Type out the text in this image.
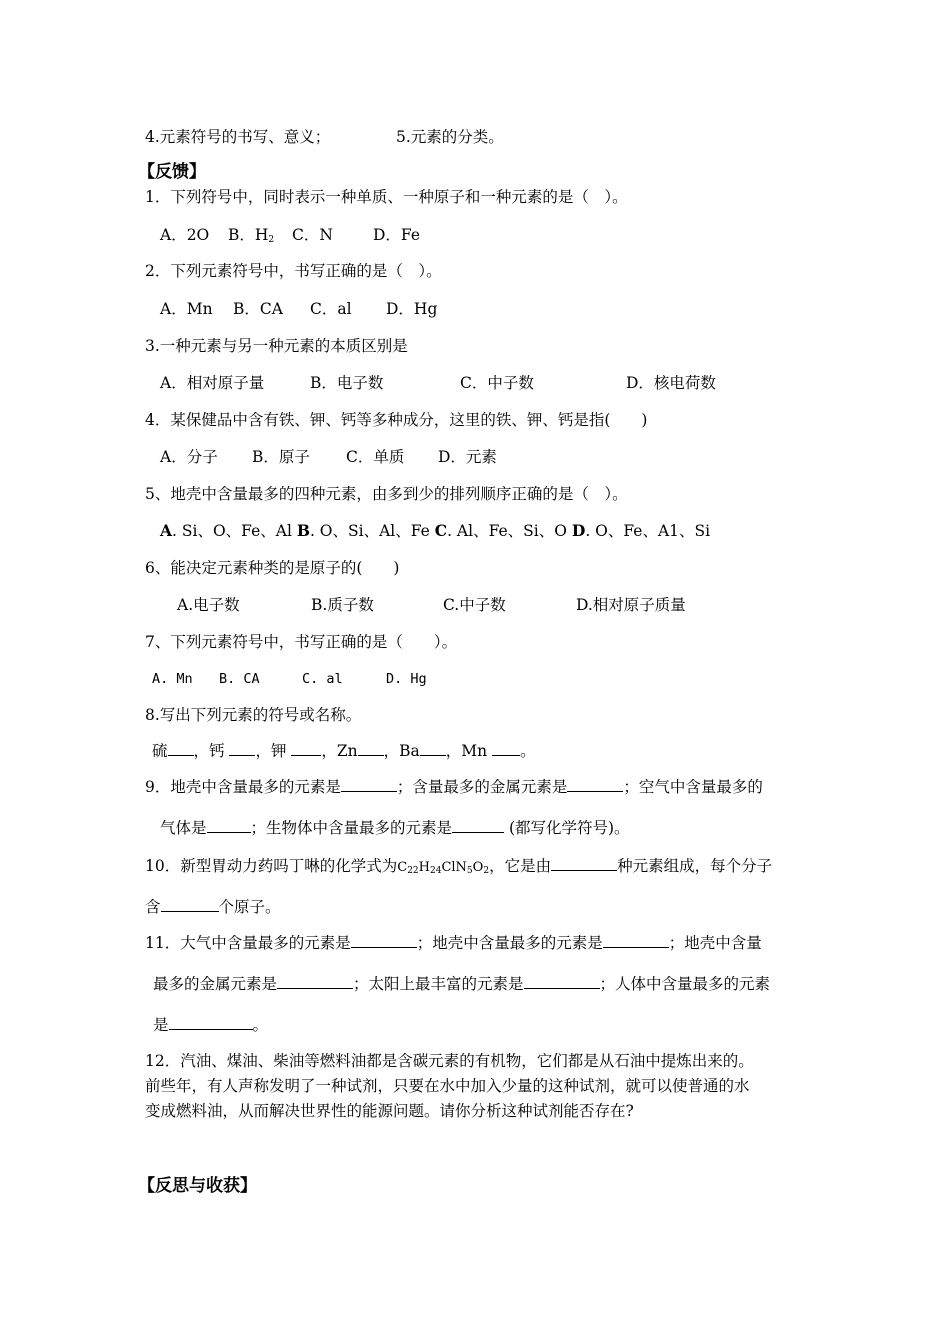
4.元素符号的书写、意义；	5.元素的分类。
【反馈】
1．下列符号中，同时表示一种单质、一种原子和一种元素的是（　）。
A．2O B．$H_2$ C．N	D．Fe
2．下列元素符号中，书写正确的是（　）。
A．Mn B．CA C．al D．Hg
3.一种元素与另一种元素的本质区别是
A．相对原子量	B．电子数	C．中子数	D．核电荷数
4．某保健品中含有铁、钾、钙等多种成分，这里的铁、钾、钙是指(　　)
A．分子 B．原子 C．单质 D．元素
5、地壳中含量最多的四种元素，由多到少的排列顺序正确的是（　）。
A. Si、O、Fe、Al B. O、Si、Al、Fe C. Al、Fe、Si、O D. O、Fe、A1、Si
6、能决定元素种类的是原子的(　　)
A.电子数	B.质子数	C.中子数	D.相对原子质量
7、下列元素符号中，书写正确的是（　　）。
A. Mn B. CA	C. al	D. Hg
8.写出下列元素的符号或名称。
硫 ，钙 ，钾 ，Zn ，Ba ，Mn 。
9．地壳中含量最多的元素是	；含量最多的金属元素是	；空气中含量最多的
气体是	；生物体中含量最多的元素是	(都写化学符号)。
10．新型胃动力药吗丁啉的化学式为$C_{22}H_{24}ClN_5O_2$，它是由	种元素组成，每个分子
含	个原子。
11．大气中含量最多的元素是	；地壳中含量最多的元素是	；地壳中含量
最多的金属元素是	；太阳上最丰富的元素是	；人体中含量最多的元素
是	。
12．汽油、煤油、柴油等燃料油都是含碳元素的有机物，它们都是从石油中提炼出来的。
前些年，有人声称发明了一种试剂，只要在水中加入少量的这种试剂，就可以使普通的水
变成燃料油，从而解决世界性的能源问题。请你分析这种试剂能否存在?
【反思与收获】
